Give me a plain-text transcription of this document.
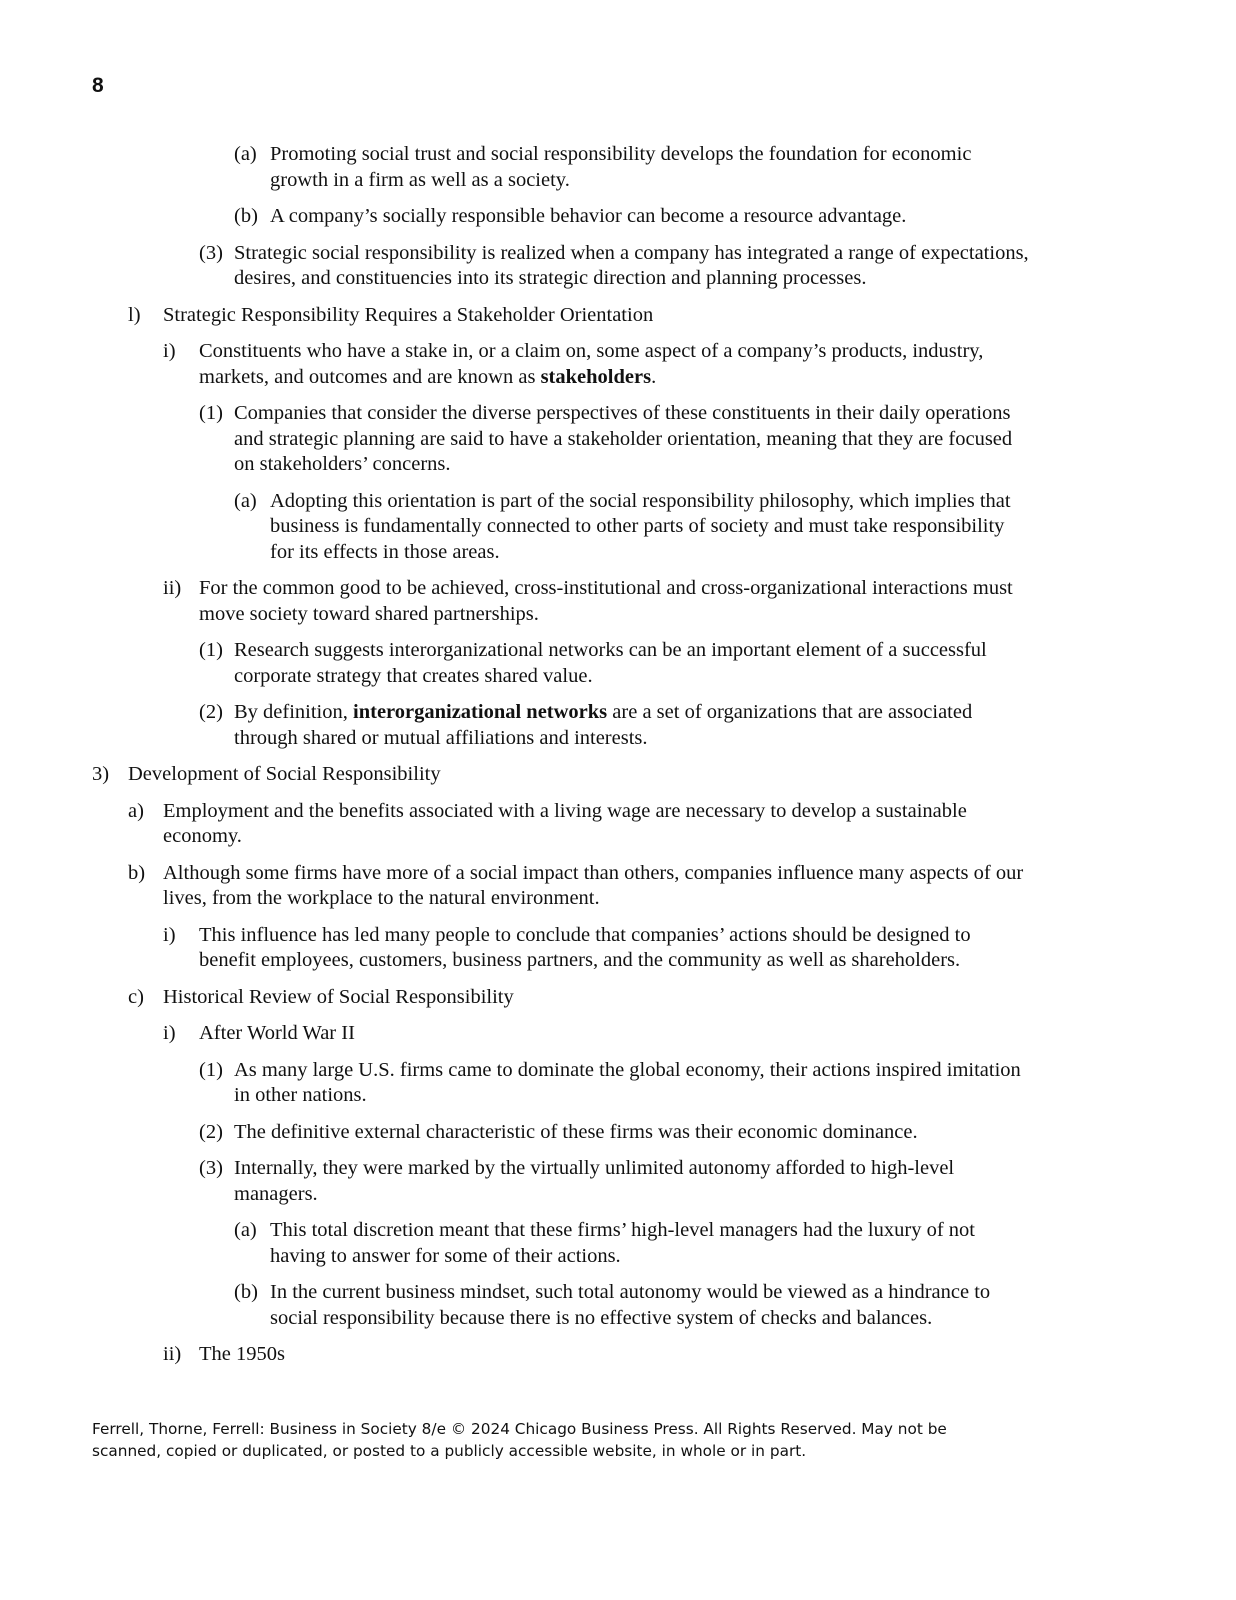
8
(a) Promoting social trust and social responsibility develops the foundation for economic growth in a firm as well as a society.
(b) A company’s socially responsible behavior can become a resource advantage.
(3) Strategic social responsibility is realized when a company has integrated a range of expectations, desires, and constituencies into its strategic direction and planning processes.
l) Strategic Responsibility Requires a Stakeholder Orientation
i) Constituents who have a stake in, or a claim on, some aspect of a company’s products, industry, markets, and outcomes and are known as stakeholders.
(1) Companies that consider the diverse perspectives of these constituents in their daily operations and strategic planning are said to have a stakeholder orientation, meaning that they are focused on stakeholders’ concerns.
(a) Adopting this orientation is part of the social responsibility philosophy, which implies that business is fundamentally connected to other parts of society and must take responsibility for its effects in those areas.
ii) For the common good to be achieved, cross-institutional and cross-organizational interactions must move society toward shared partnerships.
(1) Research suggests interorganizational networks can be an important element of a successful corporate strategy that creates shared value.
(2) By definition, interorganizational networks are a set of organizations that are associated through shared or mutual affiliations and interests.
3) Development of Social Responsibility
a) Employment and the benefits associated with a living wage are necessary to develop a sustainable economy.
b) Although some firms have more of a social impact than others, companies influence many aspects of our lives, from the workplace to the natural environment.
i) This influence has led many people to conclude that companies’ actions should be designed to benefit employees, customers, business partners, and the community as well as shareholders.
c) Historical Review of Social Responsibility
i) After World War II
(1) As many large U.S. firms came to dominate the global economy, their actions inspired imitation in other nations.
(2) The definitive external characteristic of these firms was their economic dominance.
(3) Internally, they were marked by the virtually unlimited autonomy afforded to high-level managers.
(a) This total discretion meant that these firms’ high-level managers had the luxury of not having to answer for some of their actions.
(b) In the current business mindset, such total autonomy would be viewed as a hindrance to social responsibility because there is no effective system of checks and balances.
ii) The 1950s
Ferrell, Thorne, Ferrell: Business in Society 8/e © 2024 Chicago Business Press. All Rights Reserved. May not be
scanned, copied or duplicated, or posted to a publicly accessible website, in whole or in part.
